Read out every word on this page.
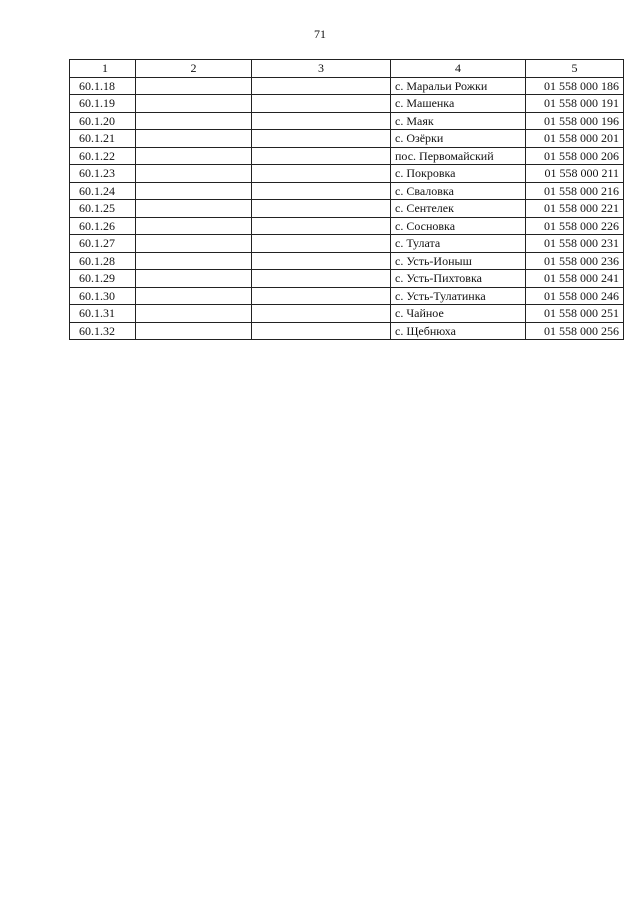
71
1	2	3	4	5
60.1.18			с. Маральи Рожки	01 558 000 186
60.1.19			с. Машенка	01 558 000 191
60.1.20			с. Маяк	01 558 000 196
60.1.21			с. Озёрки	01 558 000 201
60.1.22			пос. Первомайский	01 558 000 206
60.1.23			с. Покровка	01 558 000 211
60.1.24			с. Сваловка	01 558 000 216
60.1.25			с. Сентелек	01 558 000 221
60.1.26			с. Сосновка	01 558 000 226
60.1.27			с. Тулата	01 558 000 231
60.1.28			с. Усть-Ионыш	01 558 000 236
60.1.29			с. Усть-Пихтовка	01 558 000 241
60.1.30			с. Усть-Тулатинка	01 558 000 246
60.1.31			с. Чайное	01 558 000 251
60.1.32			с. Щебнюха	01 558 000 256
